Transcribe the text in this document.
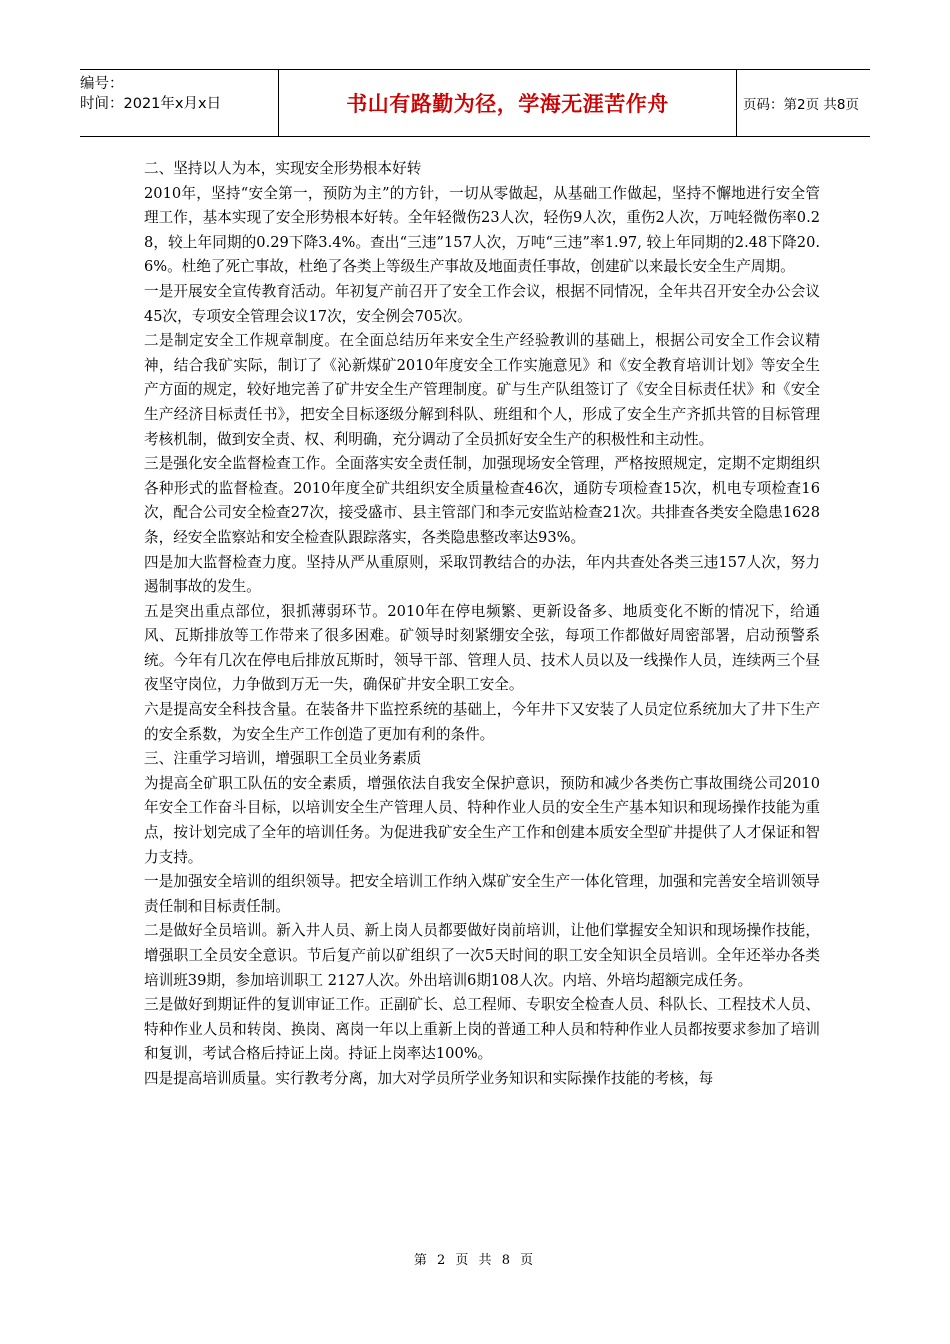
编号：
时间：2021年x月x日	书山有路勤为径，学海无涯苦作舟	页码：第2页 共8页

二、坚持以人为本，实现安全形势根本好转

2010年，坚持“安全第一，预防为主”的方针，一切从零做起，从基础工作做起，坚持不懈地进行安全管理工作，基本实现了安全形势根本好转。全年轻微伤23人次，轻伤9人次，重伤2人次，万吨轻微伤率0.28，较上年同期的0.29下降3.4%。查出“三违”157人次，万吨“三违”率1.97, 较上年同期的2.48下降20.6%。杜绝了死亡事故，杜绝了各类上等级生产事故及地面责任事故，创建矿以来最长安全生产周期。

一是开展安全宣传教育活动。年初复产前召开了安全工作会议，根据不同情况，全年共召开安全办公会议45次，专项安全管理会议17次，安全例会705次。

二是制定安全工作规章制度。在全面总结历年来安全生产经验教训的基础上，根据公司安全工作会议精神，结合我矿实际，制订了《沁新煤矿2010年度安全工作实施意见》和《安全教育培训计划》等安全生产方面的规定，较好地完善了矿井安全生产管理制度。矿与生产队组签订了《安全目标责任状》和《安全生产经济目标责任书》，把安全目标逐级分解到科队、班组和个人，形成了安全生产齐抓共管的目标管理考核机制，做到安全责、权、利明确，充分调动了全员抓好安全生产的积极性和主动性。

三是强化安全监督检查工作。全面落实安全责任制，加强现场安全管理，严格按照规定，定期不定期组织各种形式的监督检查。2010年度全矿共组织安全质量检查46次，通防专项检查15次，机电专项检查16次，配合公司安全检查27次，接受盛市、县主管部门和李元安监站检查21次。共排查各类安全隐患1628条，经安全监察站和安全检查队跟踪落实，各类隐患整改率达93%。

四是加大监督检查力度。坚持从严从重原则，采取罚教结合的办法，年内共查处各类三违157人次，努力遏制事故的发生。

五是突出重点部位，狠抓薄弱环节。2010年在停电频繁、更新设备多、地质变化不断的情况下，给通风、瓦斯排放等工作带来了很多困难。矿领导时刻紧绷安全弦，每项工作都做好周密部署，启动预警系统。今年有几次在停电后排放瓦斯时，领导干部、管理人员、技术人员以及一线操作人员，连续两三个昼夜坚守岗位，力争做到万无一失，确保矿井安全职工安全。

六是提高安全科技含量。在装备井下监控系统的基础上，今年井下又安装了人员定位系统加大了井下生产的安全系数，为安全生产工作创造了更加有利的条件。

三、注重学习培训，增强职工全员业务素质

为提高全矿职工队伍的安全素质，增强依法自我安全保护意识，预防和减少各类伤亡事故围绕公司2010年安全工作奋斗目标，以培训安全生产管理人员、特种作业人员的安全生产基本知识和现场操作技能为重点，按计划完成了全年的培训任务。为促进我矿安全生产工作和创建本质安全型矿井提供了人才保证和智力支持。

一是加强安全培训的组织领导。把安全培训工作纳入煤矿安全生产一体化管理，加强和完善安全培训领导责任制和目标责任制。

二是做好全员培训。新入井人员、新上岗人员都要做好岗前培训，让他们掌握安全知识和现场操作技能，增强职工全员安全意识。节后复产前以矿组织了一次5天时间的职工安全知识全员培训。全年还举办各类培训班39期，参加培训职工 2127人次。外出培训6期108人次。内培、外培均超额完成任务。

三是做好到期证件的复训审证工作。正副矿长、总工程师、专职安全检查人员、科队长、工程技术人员、特种作业人员和转岗、换岗、离岗一年以上重新上岗的普通工种人员和特种作业人员都按要求参加了培训和复训，考试合格后持证上岗。持证上岗率达100%。

四是提高培训质量。实行教考分离，加大对学员所学业务知识和实际操作技能的考核，每

第 2 页 共 8 页
